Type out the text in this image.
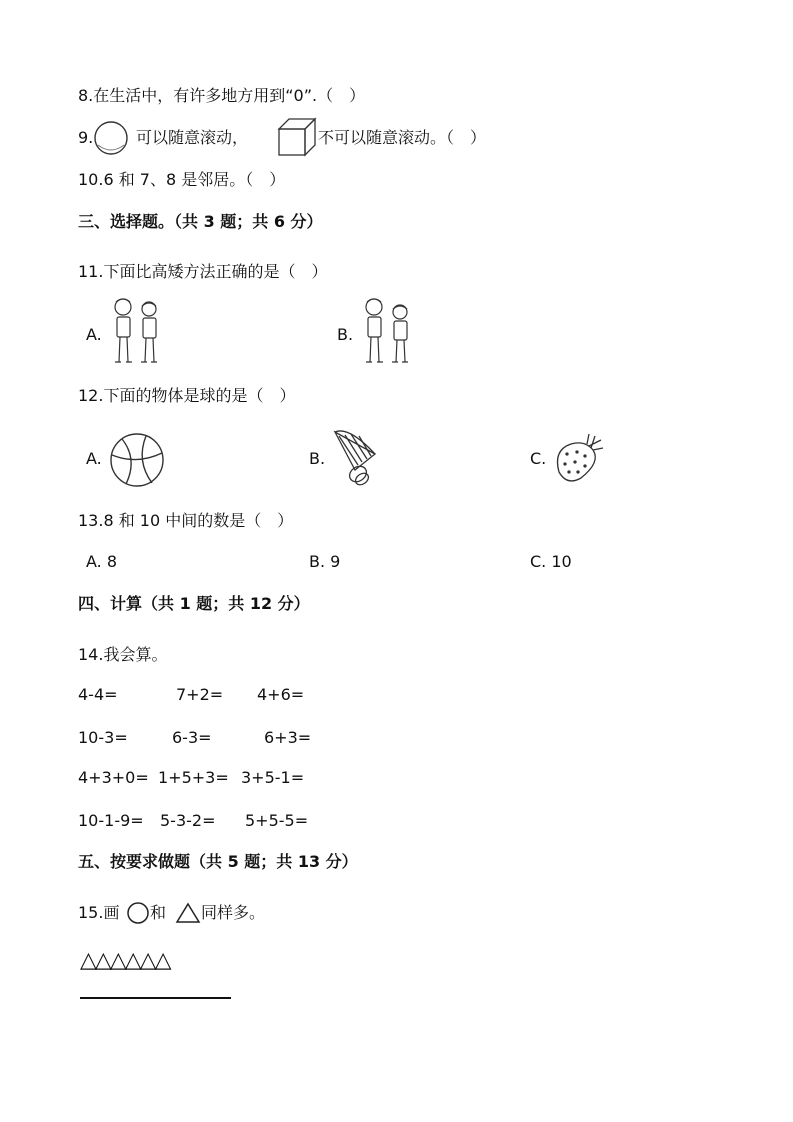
8.在生活中，有许多地方用到“0”.（　）
9.	可以随意滚动，	不可以随意滚动。（　）
10.6 和 7、8 是邻居。（　）
三、选择题。（共 3 题；共 6 分）
11.下面比高矮方法正确的是（　）
A.	B.
12.下面的物体是球的是（　）
A.	B.	C.
13.8 和 10 中间的数是（　）
A. 8	B. 9	C. 10
四、计算（共 1 题；共 12 分）
14.我会算。
4-4=	7+2= 4+6=
10-3=	6-3=	6+3=
4+3+0= 1+5+3= 3+5-1=
10-1-9= 5-3-2= 5+5-5=
五、按要求做题（共 5 题；共 13 分）
15.画 和 同样多。
△△△△△△
